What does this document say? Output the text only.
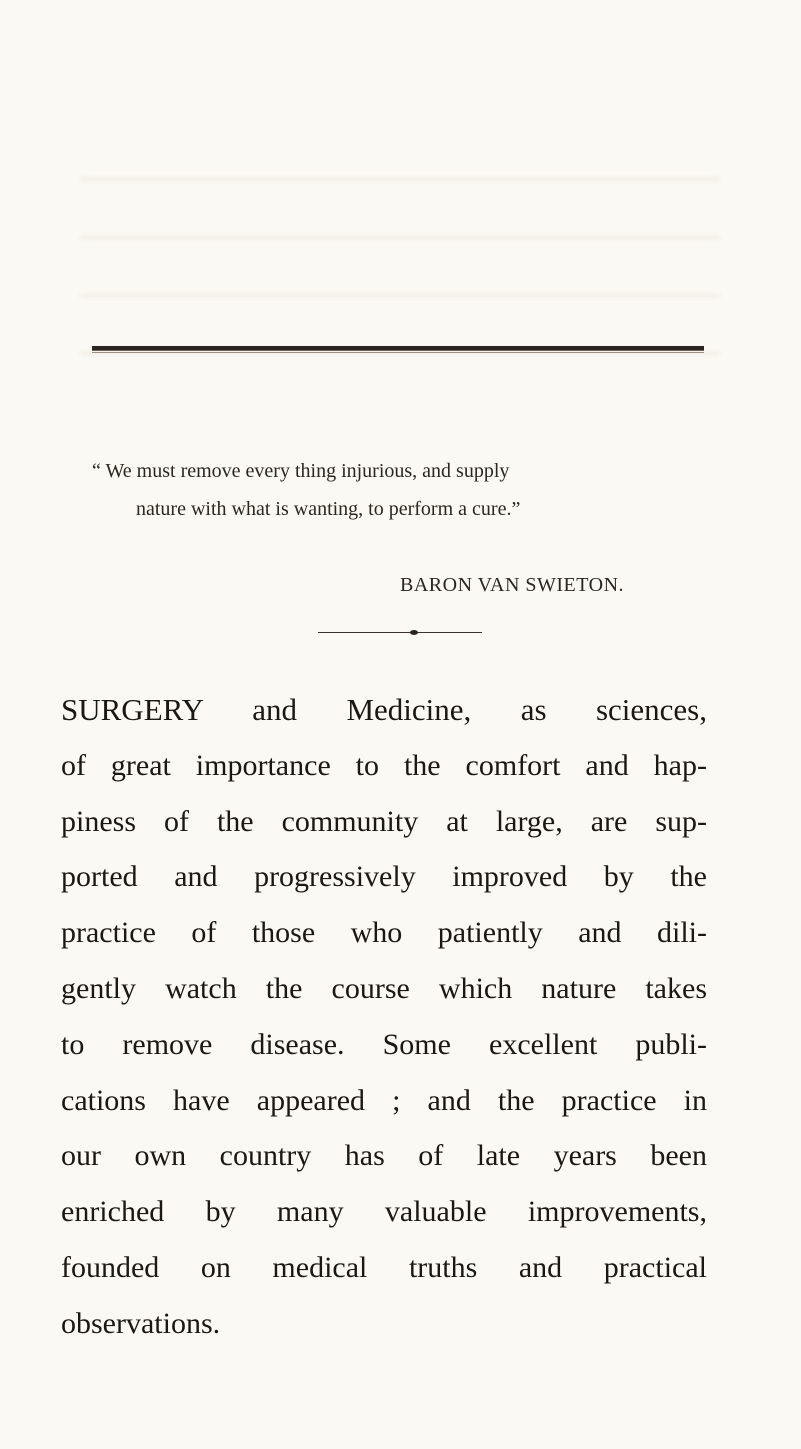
“ We must remove every thing injurious, and supply
nature with what is wanting, to perform a cure.”
BARON VAN SWIETON.
SURGERY and Medicine, as sciences,
of great importance to the comfort and hap-
piness of the community at large, are sup-
ported and progressively improved by the
practice of those who patiently and dili-
gently watch the course which nature takes
to remove disease. Some excellent publi-
cations have appeared ; and the practice in
our own country has of late years been
enriched by many valuable improvements,
founded on medical truths and practical
observations.
